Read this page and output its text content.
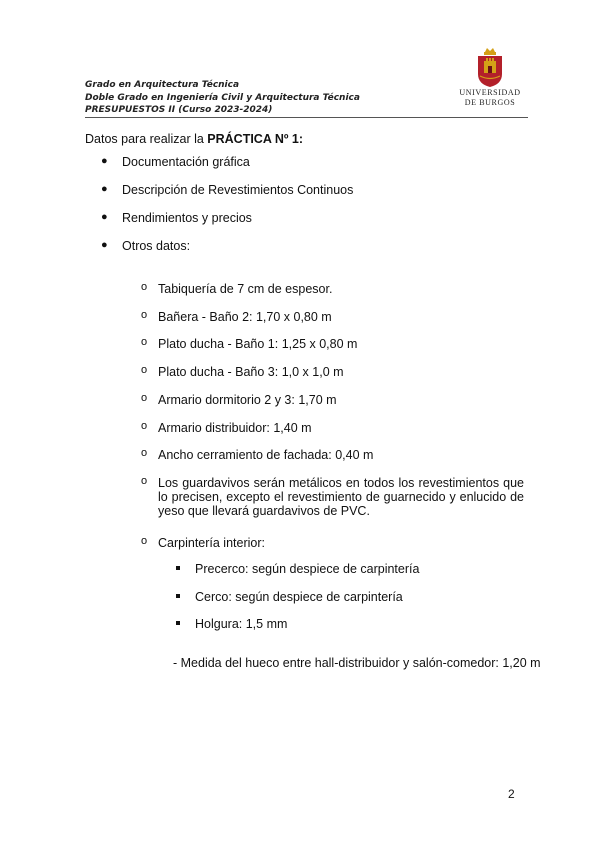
Grado en Arquitectura Técnica
Doble Grado en Ingeniería Civil y Arquitectura Técnica
PRESUPUESTOS II (Curso 2023-2024)
UNIVERSIDAD
DE BURGOS
Datos para realizar la PRÁCTICA Nº 1:
● Documentación gráfica
● Descripción de Revestimientos Continuos
● Rendimientos y precios
● Otros datos:
o Tabiquería de 7 cm de espesor.
o Bañera - Baño 2: 1,70 x 0,80 m
o Plato ducha - Baño 1: 1,25 x 0,80 m
o Plato ducha - Baño 3: 1,0 x 1,0 m
o Armario dormitorio 2 y 3: 1,70 m
o Armario distribuidor: 1,40 m
o Ancho cerramiento de fachada: 0,40 m
o Los guardavivos serán metálicos en todos los revestimientos que lo precisen, excepto el revestimiento de guarnecido y enlucido de yeso que llevará guardavivos de PVC.
o Carpintería interior:
Precerco: según despiece de carpintería
Cerco: según despiece de carpintería
Holgura: 1,5 mm
- Medida del hueco entre hall-distribuidor y salón-comedor: 1,20 m
2
